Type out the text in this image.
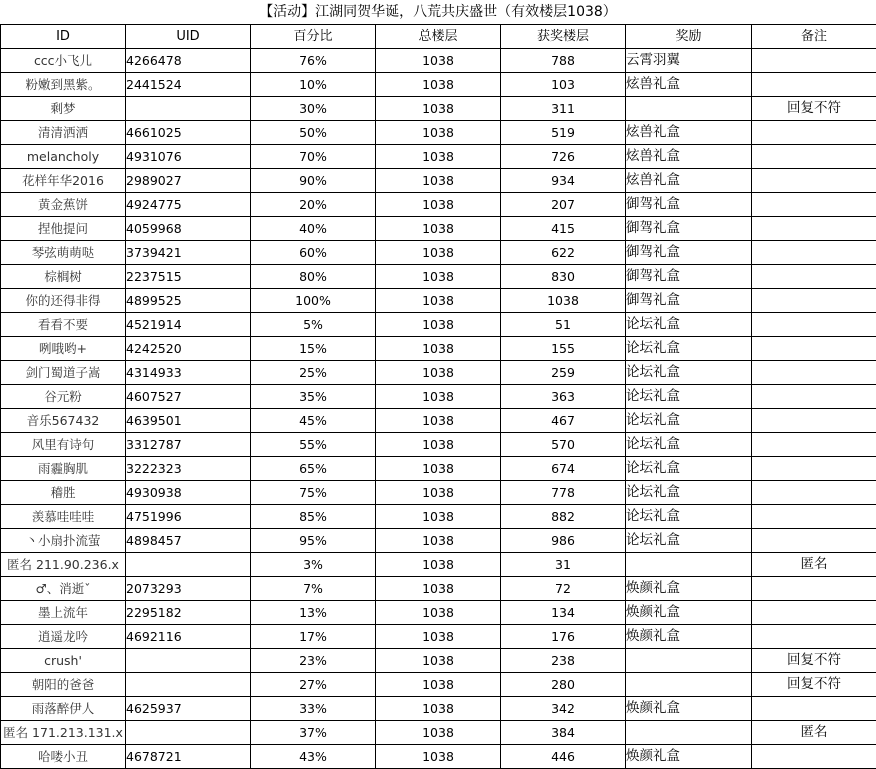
【活动】江湖同贺华诞，八荒共庆盛世（有效楼层1038）
ID	UID	百分比	总楼层	获奖楼层	奖励	备注
ccc小飞儿	4266478	76%	1038	788	云霄羽翼	
粉嫩到黑紫。	2441524	10%	1038	103	炫兽礼盒	
剩梦		30%	1038	311		回复不符
清清洒洒	4661025	50%	1038	519	炫兽礼盒	
melancholy	4931076	70%	1038	726	炫兽礼盒	
花样年华2016	2989027	90%	1038	934	炫兽礼盒	
黄金蕉饼	4924775	20%	1038	207	御驾礼盒	
捏他提问	4059968	40%	1038	415	御驾礼盒	
琴弦萌萌哒	3739421	60%	1038	622	御驾礼盒	
棕榈树	2237515	80%	1038	830	御驾礼盒	
你的还得非得	4899525	100%	1038	1038	御驾礼盒	
看看不要	4521914	5%	1038	51	论坛礼盒	
咧哦哟+	4242520	15%	1038	155	论坛礼盒	
剑门蜀道子嵩	4314933	25%	1038	259	论坛礼盒	
谷元粉	4607527	35%	1038	363	论坛礼盒	
音乐567432	4639501	45%	1038	467	论坛礼盒	
风里有诗句	3312787	55%	1038	570	论坛礼盒	
雨霾胸肌	3222323	65%	1038	674	论坛礼盒	
稽胜	4930938	75%	1038	778	论坛礼盒	
羡慕哇哇哇	4751996	85%	1038	882	论坛礼盒	
丶小扇扑流萤	4898457	95%	1038	986	论坛礼盒	
匿名 211.90.236.x		3%	1038	31		匿名
♂、消逝ˇ	2073293	7%	1038	72	焕颜礼盒	
墨上流年	2295182	13%	1038	134	焕颜礼盒	
逍遥龙吟	4692116	17%	1038	176	焕颜礼盒	
crush'		23%	1038	238		回复不符
朝阳的爸爸		27%	1038	280		回复不符
雨落醉伊人	4625937	33%	1038	342	焕颜礼盒	
匿名 171.213.131.x		37%	1038	384		匿名
哈喽小丑	4678721	43%	1038	446	焕颜礼盒	
